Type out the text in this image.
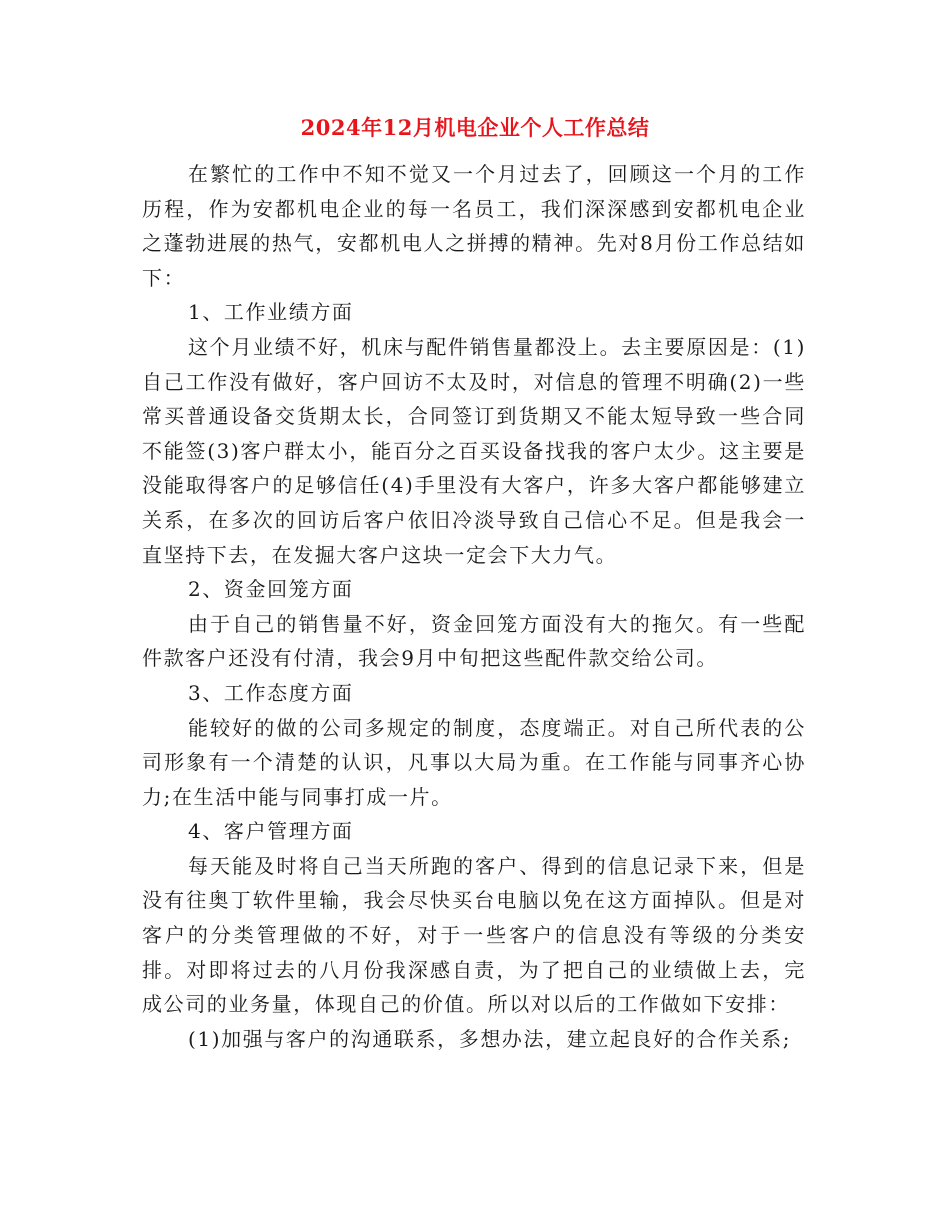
2024年12月机电企业个人工作总结

在繁忙的工作中不知不觉又一个月过去了，回顾这一个月的工作历程，作为安都机电企业的每一名员工，我们深深感到安都机电企业之蓬勃进展的热气，安都机电人之拼搏的精神。先对8月份工作总结如下：

1、工作业绩方面

这个月业绩不好，机床与配件销售量都没上。去主要原因是：(1)自己工作没有做好，客户回访不太及时，对信息的管理不明确(2)一些常买普通设备交货期太长，合同签订到货期又不能太短导致一些合同不能签(3)客户群太小，能百分之百买设备找我的客户太少。这主要是没能取得客户的足够信任(4)手里没有大客户，许多大客户都能够建立关系，在多次的回访后客户依旧冷淡导致自己信心不足。但是我会一直坚持下去，在发掘大客户这块一定会下大力气。

2、资金回笼方面

由于自己的销售量不好，资金回笼方面没有大的拖欠。有一些配件款客户还没有付清，我会9月中旬把这些配件款交给公司。

3、工作态度方面

能较好的做的公司多规定的制度，态度端正。对自己所代表的公司形象有一个清楚的认识，凡事以大局为重。在工作能与同事齐心协力;在生活中能与同事打成一片。

4、客户管理方面

每天能及时将自己当天所跑的客户、得到的信息记录下来，但是没有往奥丁软件里输，我会尽快买台电脑以免在这方面掉队。但是对客户的分类管理做的不好，对于一些客户的信息没有等级的分类安排。对即将过去的八月份我深感自责，为了把自己的业绩做上去，完成公司的业务量，体现自己的价值。所以对以后的工作做如下安排：

(1)加强与客户的沟通联系，多想办法，建立起良好的合作关系;
